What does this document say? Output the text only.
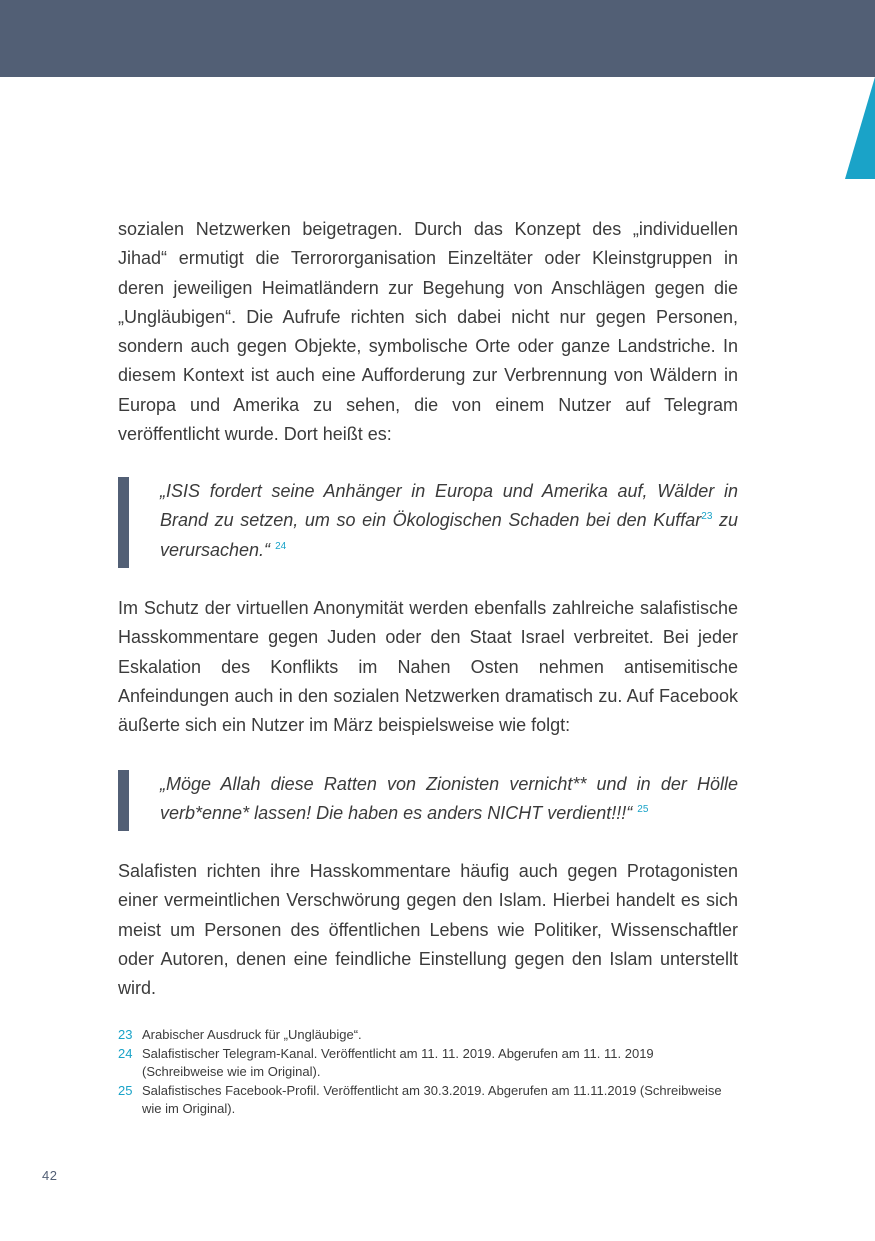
sozialen Netzwerken beigetragen. Durch das Konzept des „individuellen Jihad“ ermutigt die Terrororganisation Einzeltäter oder Kleinstgruppen in deren jeweiligen Heimatländern zur Begehung von Anschlägen gegen die „Ungläubigen“. Die Aufrufe richten sich dabei nicht nur gegen Personen, sondern auch gegen Objekte, symbolische Orte oder ganze Landstriche. In diesem Kontext ist auch eine Aufforderung zur Verbrennung von Wäldern in Europa und Amerika zu sehen, die von einem Nutzer auf Telegram veröffentlicht wurde. Dort heißt es:

„ISIS fordert seine Anhänger in Europa und Amerika auf, Wälder in Brand zu setzen, um so ein Ökologischen Schaden bei den Kuffar$^{23}$ zu verursachen.“ $^{24}$

Im Schutz der virtuellen Anonymität werden ebenfalls zahlreiche salafistische Hasskommentare gegen Juden oder den Staat Israel verbreitet. Bei jeder Eskalation des Konflikts im Nahen Osten nehmen antisemitische Anfeindungen auch in den sozialen Netzwerken dramatisch zu. Auf Facebook äußerte sich ein Nutzer im März beispielsweise wie folgt:

„Möge Allah diese Ratten von Zionisten vernicht** und in der Hölle verb*enne* lassen! Die haben es anders NICHT verdient!!!“ $^{25}$

Salafisten richten ihre Hasskommentare häufig auch gegen Protagonisten einer vermeintlichen Verschwörung gegen den Islam. Hierbei handelt es sich meist um Personen des öffentlichen Lebens wie Politiker, Wissenschaftler oder Autoren, denen eine feindliche Einstellung gegen den Islam unterstellt wird.

23 Arabischer Ausdruck für „Ungläubige“.
24 Salafistischer Telegram-Kanal. Veröffentlicht am 11. 11. 2019. Abgerufen am 11. 11. 2019 (Schreibweise wie im Original).
25 Salafistisches Facebook-Profil. Veröffentlicht am 30.3.2019. Abgerufen am 11.11.2019 (Schreibweise wie im Original).
42
